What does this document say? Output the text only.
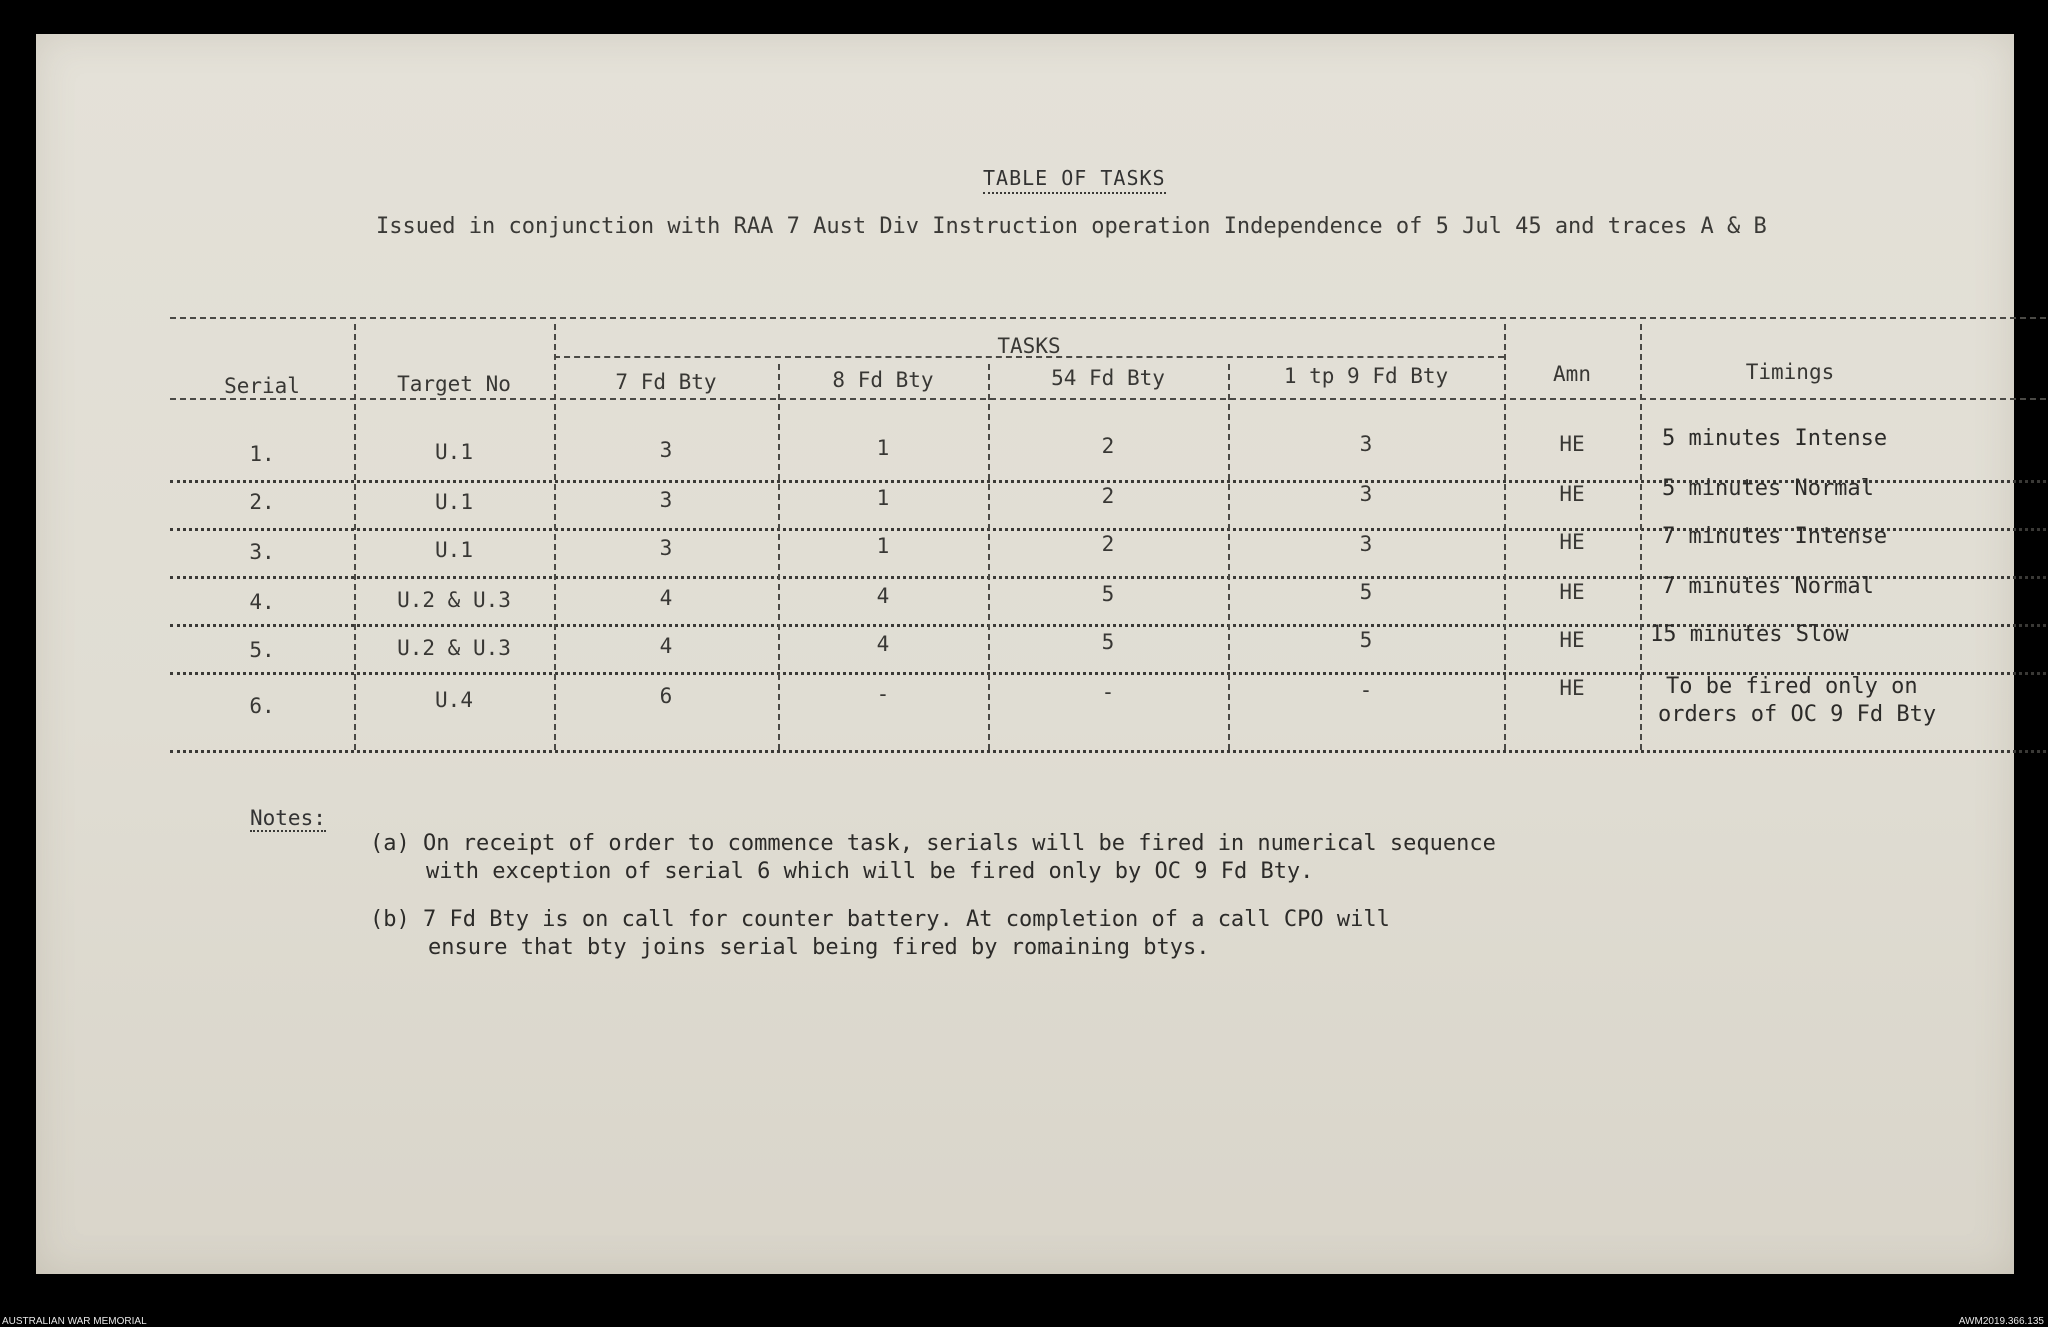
TABLE OF TASKS
Issued in conjunction with RAA 7 Aust Div Instruction operation Independence of 5 Jul 45 and traces A & B
Serial	Target No
TASKS
7 Fd Bty	8 Fd Bty	54 Fd Bty	1 tp 9 Fd Bty	Amn	Timings
1.	U.1	3	1	2	3	HE	5 minutes Intense
2.	U.1	3	1	2	3	HE	5 minutes Normal
3.	U.1	3	1	2	3	HE	7 minutes Intense
4.	U.2 & U.3	4	4	5	5	HE	7 minutes Normal
5.	U.2 & U.3	4	4	5	5	HE	15 minutes Slow
6.	U.4	6	-	-	-	HE	To be fired only on
orders of OC 9 Fd Bty
Notes:
(a) On receipt of order to commence task, serials will be fired in numerical sequence
with exception of serial 6 which will be fired only by OC 9 Fd Bty.
(b) 7 Fd Bty is on call for counter battery. At completion of a call CPO will
ensure that bty joins serial being fired by romaining btys.
AUSTRALIAN WAR MEMORIAL	AWM2019.366.135
